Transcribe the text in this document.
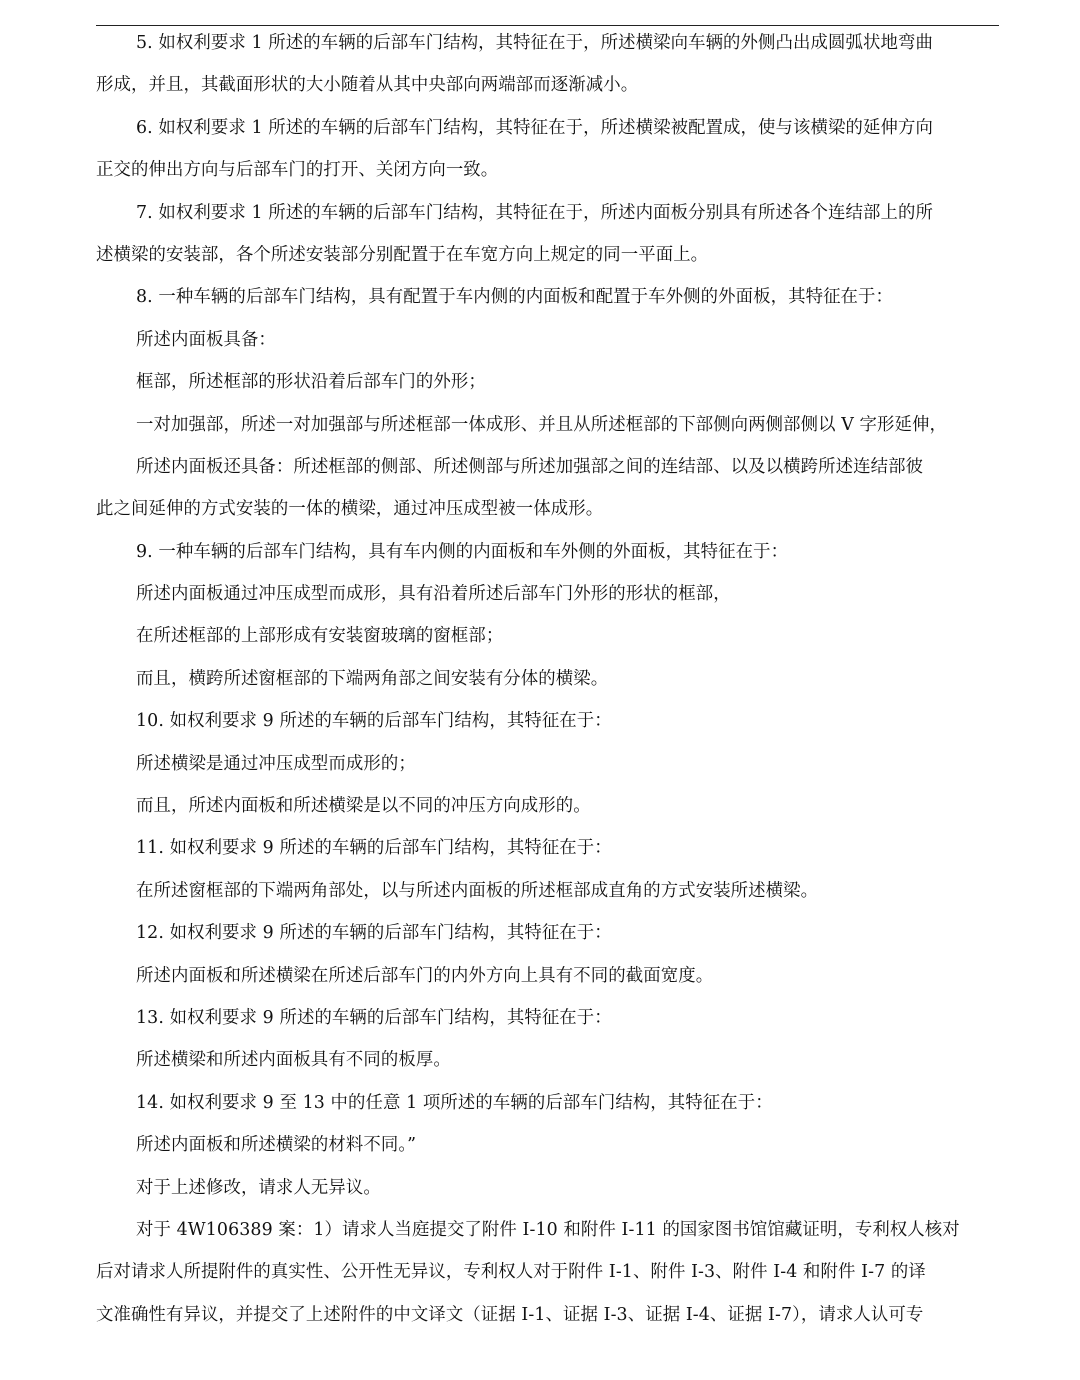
5. 如权利要求 1 所述的车辆的后部车门结构，其特征在于，所述横梁向车辆的外侧凸出成圆弧状地弯曲
形成，并且，其截面形状的大小随着从其中央部向两端部而逐渐减小。
6. 如权利要求 1 所述的车辆的后部车门结构，其特征在于，所述横梁被配置成，使与该横梁的延伸方向
正交的伸出方向与后部车门的打开、关闭方向一致。
7. 如权利要求 1 所述的车辆的后部车门结构，其特征在于，所述内面板分别具有所述各个连结部上的所
述横梁的安装部，各个所述安装部分别配置于在车宽方向上规定的同一平面上。
8. 一种车辆的后部车门结构，具有配置于车内侧的内面板和配置于车外侧的外面板，其特征在于：
所述内面板具备：
框部，所述框部的形状沿着后部车门的外形；
一对加强部，所述一对加强部与所述框部一体成形、并且从所述框部的下部侧向两侧部侧以 V 字形延伸，
所述内面板还具备：所述框部的侧部、所述侧部与所述加强部之间的连结部、以及以横跨所述连结部彼
此之间延伸的方式安装的一体的横梁，通过冲压成型被一体成形。
9. 一种车辆的后部车门结构，具有车内侧的内面板和车外侧的外面板，其特征在于：
所述内面板通过冲压成型而成形，具有沿着所述后部车门外形的形状的框部，
在所述框部的上部形成有安装窗玻璃的窗框部；
而且，横跨所述窗框部的下端两角部之间安装有分体的横梁。
10. 如权利要求 9 所述的车辆的后部车门结构，其特征在于：
所述横梁是通过冲压成型而成形的；
而且，所述内面板和所述横梁是以不同的冲压方向成形的。
11. 如权利要求 9 所述的车辆的后部车门结构，其特征在于：
在所述窗框部的下端两角部处，以与所述内面板的所述框部成直角的方式安装所述横梁。
12. 如权利要求 9 所述的车辆的后部车门结构，其特征在于：
所述内面板和所述横梁在所述后部车门的内外方向上具有不同的截面宽度。
13. 如权利要求 9 所述的车辆的后部车门结构，其特征在于：
所述横梁和所述内面板具有不同的板厚。
14. 如权利要求 9 至 13 中的任意 1 项所述的车辆的后部车门结构，其特征在于：
所述内面板和所述横梁的材料不同。”
对于上述修改，请求人无异议。
对于 4W106389 案：1）请求人当庭提交了附件 I-10 和附件 I-11 的国家图书馆馆藏证明，专利权人核对
后对请求人所提附件的真实性、公开性无异议，专利权人对于附件 I-1、附件 I-3、附件 I-4 和附件 I-7 的译
文准确性有异议，并提交了上述附件的中文译文（证据 I-1、证据 I-3、证据 I-4、证据 I-7），请求人认可专
